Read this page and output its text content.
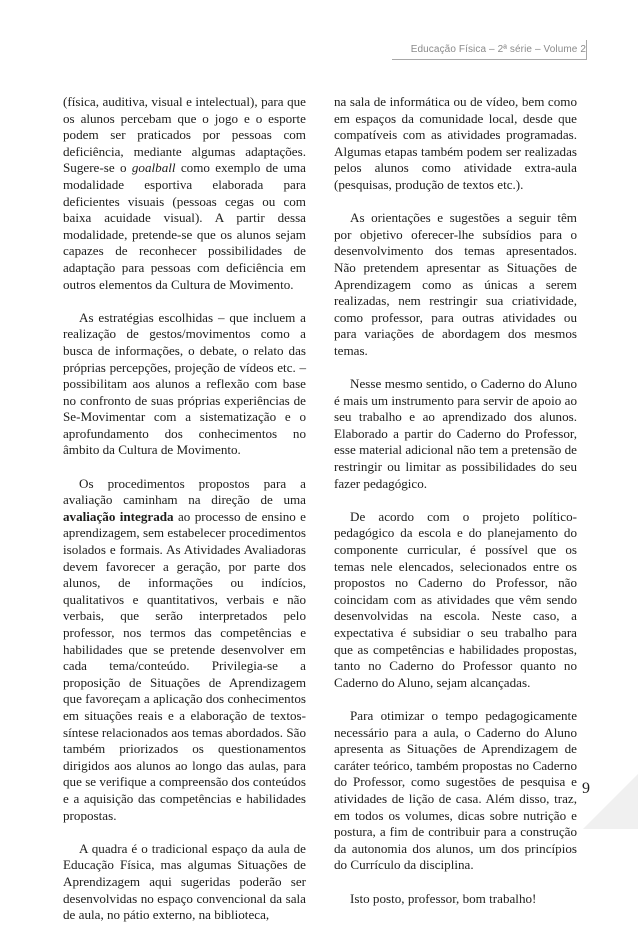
Educação Física – 2ª série – Volume 2

(física, auditiva, visual e intelectual), para que os alunos percebam que o jogo e o esporte podem ser praticados por pessoas com deficiência, mediante algumas adaptações. Sugere-se o goalball como exemplo de uma modalidade esportiva elaborada para deficientes visuais (pessoas cegas ou com baixa acuidade visual). A partir dessa modalidade, pretende-se que os alunos sejam capazes de reconhecer possibilidades de adaptação para pessoas com deficiência em outros elementos da Cultura de Movimento.

As estratégias escolhidas – que incluem a realização de gestos/movimentos como a busca de informações, o debate, o relato das próprias percepções, projeção de vídeos etc. – possibilitam aos alunos a reflexão com base no confronto de suas próprias experiências de Se-Movimentar com a sistematização e o aprofundamento dos conhecimentos no âmbito da Cultura de Movimento.

Os procedimentos propostos para a avaliação caminham na direção de uma avaliação integrada ao processo de ensino e aprendizagem, sem estabelecer procedimentos isolados e formais. As Atividades Avaliadoras devem favorecer a geração, por parte dos alunos, de informações ou indícios, qualitativos e quantitativos, verbais e não verbais, que serão interpretados pelo professor, nos termos das competências e habilidades que se pretende desenvolver em cada tema/conteúdo. Privilegia-se a proposição de Situações de Aprendizagem que favoreçam a aplicação dos conhecimentos em situações reais e a elaboração de textos-síntese relacionados aos temas abordados. São também priorizados os questionamentos dirigidos aos alunos ao longo das aulas, para que se verifique a compreensão dos conteúdos e a aquisição das competências e habilidades propostas.

A quadra é o tradicional espaço da aula de Educação Física, mas algumas Situações de Aprendizagem aqui sugeridas poderão ser desenvolvidas no espaço convencional da sala de aula, no pátio externo, na biblioteca,

na sala de informática ou de vídeo, bem como em espaços da comunidade local, desde que compatíveis com as atividades programadas. Algumas etapas também podem ser realizadas pelos alunos como atividade extra-aula (pesquisas, produção de textos etc.).

As orientações e sugestões a seguir têm por objetivo oferecer-lhe subsídios para o desenvolvimento dos temas apresentados. Não pretendem apresentar as Situações de Aprendizagem como as únicas a serem realizadas, nem restringir sua criatividade, como professor, para outras atividades ou para variações de abordagem dos mesmos temas.

Nesse mesmo sentido, o Caderno do Aluno é mais um instrumento para servir de apoio ao seu trabalho e ao aprendizado dos alunos. Elaborado a partir do Caderno do Professor, esse material adicional não tem a pretensão de restringir ou limitar as possibilidades do seu fazer pedagógico.

De acordo com o projeto político-pedagógico da escola e do planejamento do componente curricular, é possível que os temas nele elencados, selecionados entre os propostos no Caderno do Professor, não coincidam com as atividades que vêm sendo desenvolvidas na escola. Neste caso, a expectativa é subsidiar o seu trabalho para que as competências e habilidades propostas, tanto no Caderno do Professor quanto no Caderno do Aluno, sejam alcançadas.

Para otimizar o tempo pedagogicamente necessário para a aula, o Caderno do Aluno apresenta as Situações de Aprendizagem de caráter teórico, também propostas no Caderno do Professor, como sugestões de pesquisa e atividades de lição de casa. Além disso, traz, em todos os volumes, dicas sobre nutrição e postura, a fim de contribuir para a construção da autonomia dos alunos, um dos princípios do Currículo da disciplina.

Isto posto, professor, bom trabalho!

9
